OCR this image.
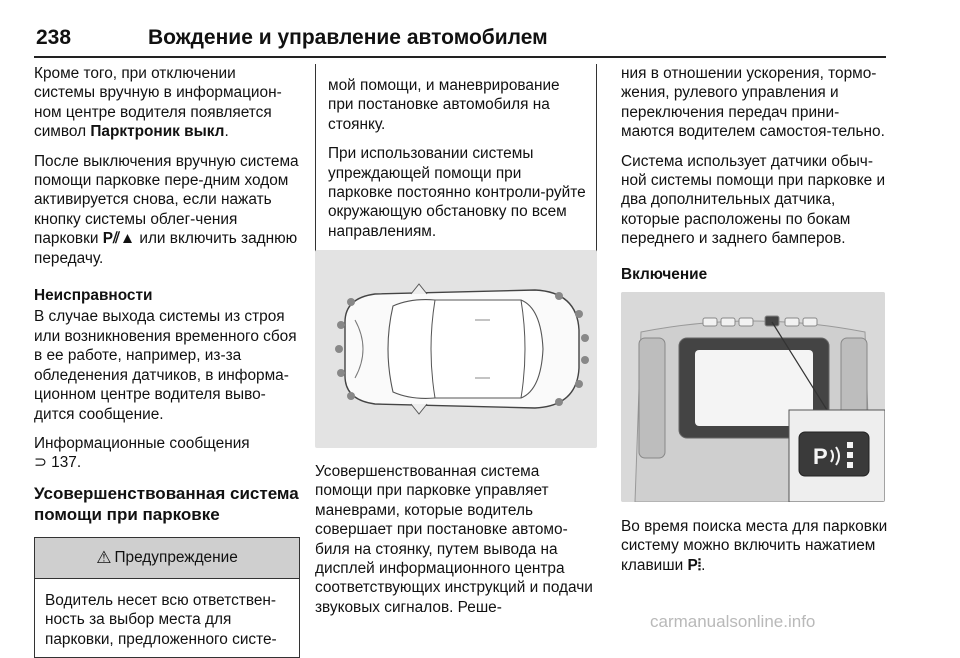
238	Вождение и управление автомобилем

Кроме того, при отключении системы вручную в информацион-ном центре водителя появляется символ Парктроник выкл.

После выключения вручную система помощи парковке пере-дним ходом активируется снова, если нажать кнопку системы облег-чения парковки P⫽▲ или включить заднюю передачу.

Неисправности

В случае выхода системы из строя или возникновения временного сбоя в ее работе, например, из-за обледенения датчиков, в информа-ционном центре водителя выво-дится сообщение.

Информационные сообщения
⊃ 137.

Усовершенствованная система помощи при парковке
⚠ Предупреждение
Водитель несет всю ответствен-ность за выбор места для парковки, предложенного систе-

мой помощи, и маневрирование при постановке автомобиля на стоянку.

При использовании системы упреждающей помощи при парковке постоянно контроли-руйте окружающую обстановку по всем направлениям.

Усовершенствованная система помощи при парковке управляет маневрами, которые водитель совершает при постановке автомо-биля на стоянку, путем вывода на дисплей информационного центра соответствующих инструкций и подачи звуковых сигналов. Реше-

ния в отношении ускорения, тормо-жения, рулевого управления и переключения передач прини-маются водителем самостоя-тельно.

Система использует датчики обыч-ной системы помощи при парковке и два дополнительных датчика, которые расположены по бокам переднего и заднего бамперов.

Включение
P

Во время поиска места для парковки систему можно включить нажатием клавиши P⦙.

carmanualsonline.info
